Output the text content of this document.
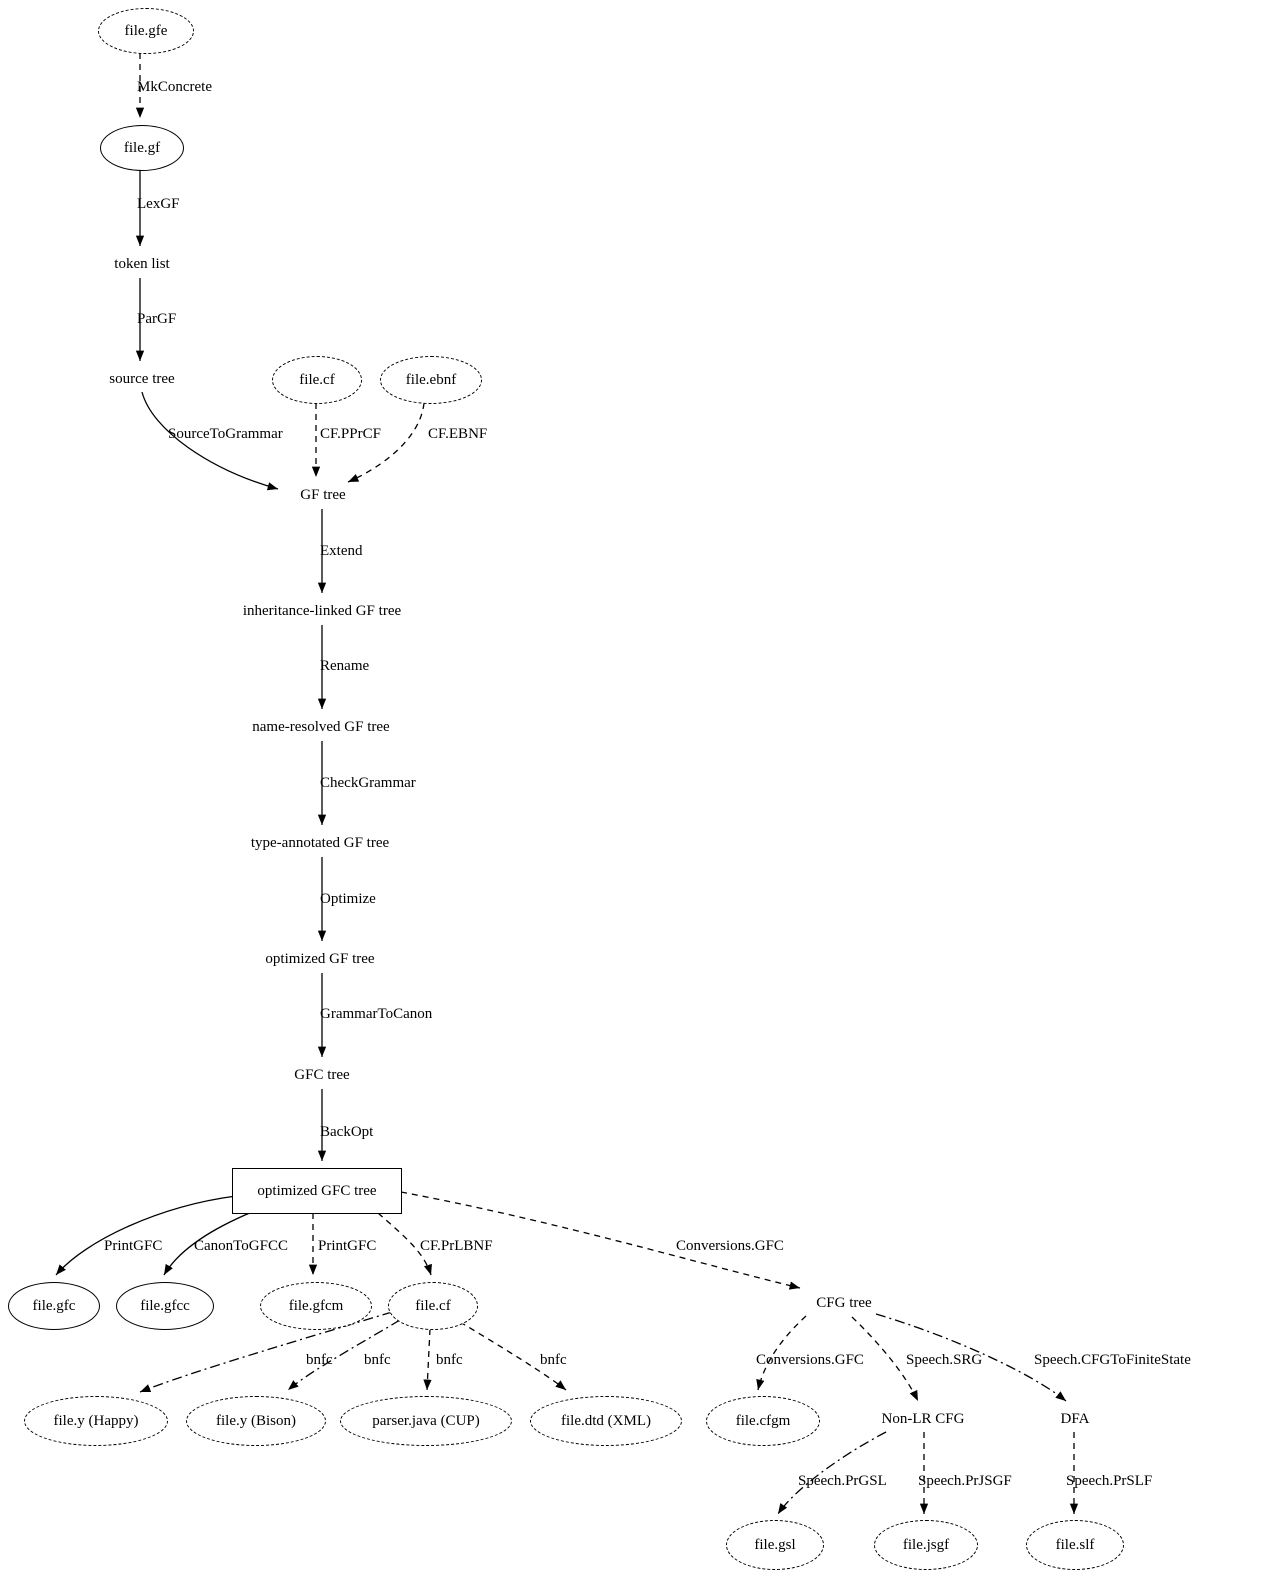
file.gfe
file.gf
token list
source tree	file.cf	file.ebnf
GF tree
inheritance-linked GF tree
name-resolved GF tree
type-annotated GF tree
optimized GF tree
GFC tree
optimized GFC tree
file.gfc	file.gfcc	file.gfcm	file.cf	CFG tree
file.y (Happy)	file.y (Bison)	parser.java (CUP)	file.dtd (XML)	file.cfgm	Non-LR CFG	DFA
file.gsl	file.jsgf	file.slf
MkConcrete
LexGF
ParGF
SourceToGrammar CF.PPrCF	CF.EBNF
Extend
Rename
CheckGrammar
Optimize
GrammarToCanon
BackOpt
PrintGFC CanonToGFCC PrintGFC	CF.PrLBNF	Conversions.GFC
bnfc bnfc	bnfc	bnfc	Conversions.GFC	Speech.SRG	Speech.CFGToFiniteState
Speech.PrGSL Speech.PrJSGF	Speech.PrSLF
